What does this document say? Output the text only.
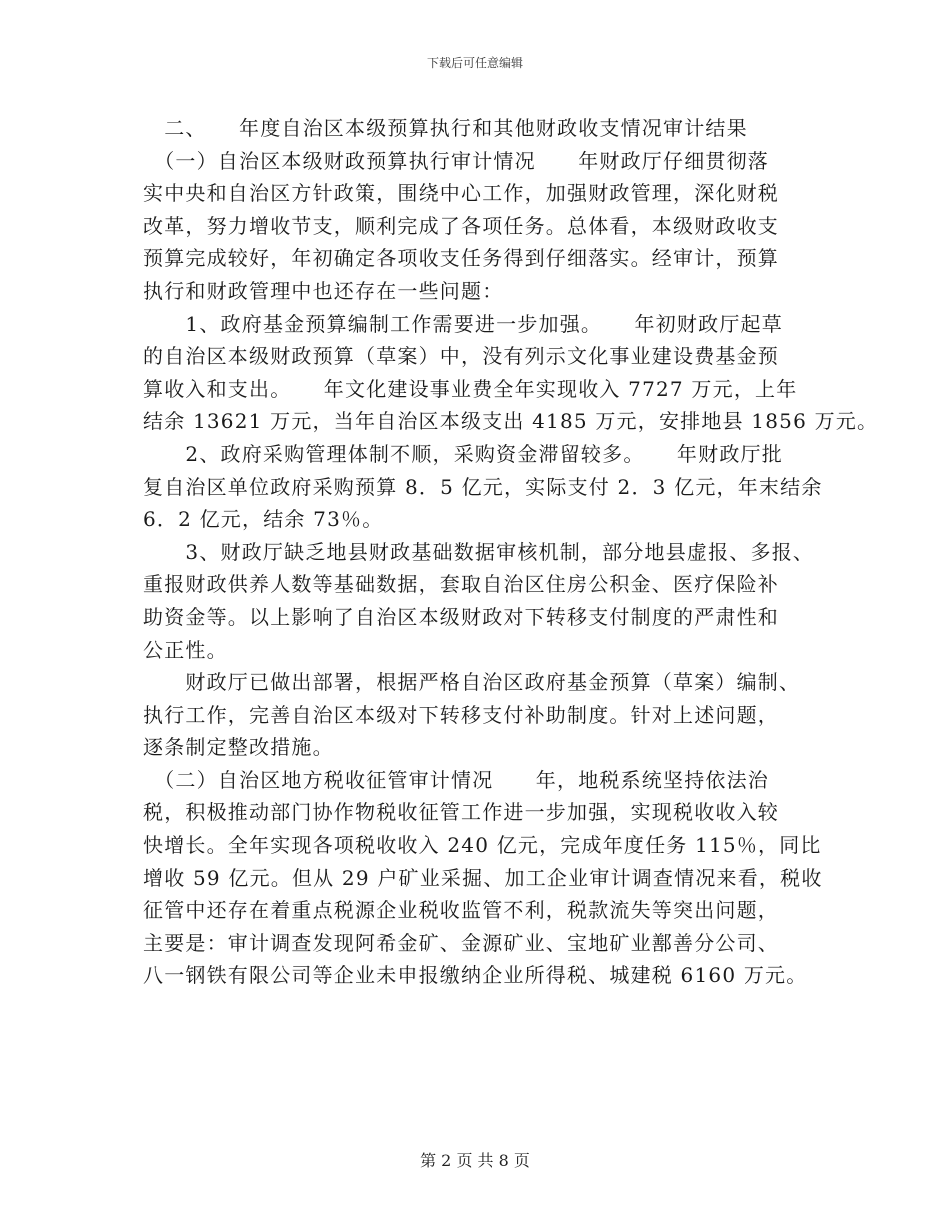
下载后可任意编辑
　二、　　年度自治区本级预算执行和其他财政收支情况审计结果
　（一）自治区本级财政预算执行审计情况　　年财政厅仔细贯彻落
实中央和自治区方针政策，围绕中心工作，加强财政管理，深化财税
改革，努力增收节支，顺利完成了各项任务。总体看，本级财政收支
预算完成较好，年初确定各项收支任务得到仔细落实。经审计，预算
执行和财政管理中也还存在一些问题：
　　1、政府基金预算编制工作需要进一步加强。　　年初财政厅起草
的自治区本级财政预算（草案）中，没有列示文化事业建设费基金预
算收入和支出。　　年文化建设事业费全年实现收入 7727 万元，上年
结余 13621 万元，当年自治区本级支出 4185 万元，安排地县 1856 万元。
　　2、政府采购管理体制不顺，采购资金滞留较多。　　年财政厅批
复自治区单位政府采购预算 8．5 亿元，实际支付 2．3 亿元，年末结余
6．2 亿元，结余 73％。
　　3、财政厅缺乏地县财政基础数据审核机制，部分地县虚报、多报、
重报财政供养人数等基础数据，套取自治区住房公积金、医疗保险补
助资金等。以上影响了自治区本级财政对下转移支付制度的严肃性和
公正性。
　　财政厅已做出部署，根据严格自治区政府基金预算（草案）编制、
执行工作，完善自治区本级对下转移支付补助制度。针对上述问题，
逐条制定整改措施。
　（二）自治区地方税收征管审计情况　　年，地税系统坚持依法治
税，积极推动部门协作物税收征管工作进一步加强，实现税收收入较
快增长。全年实现各项税收收入 240 亿元，完成年度任务 115％，同比
增收 59 亿元。但从 29 户矿业采掘、加工企业审计调查情况来看，税收
征管中还存在着重点税源企业税收监管不利，税款流失等突出问题，
主要是：审计调查发现阿希金矿、金源矿业、宝地矿业鄯善分公司、
八一钢铁有限公司等企业未申报缴纳企业所得税、城建税 6160 万元。
第 2 页 共 8 页
